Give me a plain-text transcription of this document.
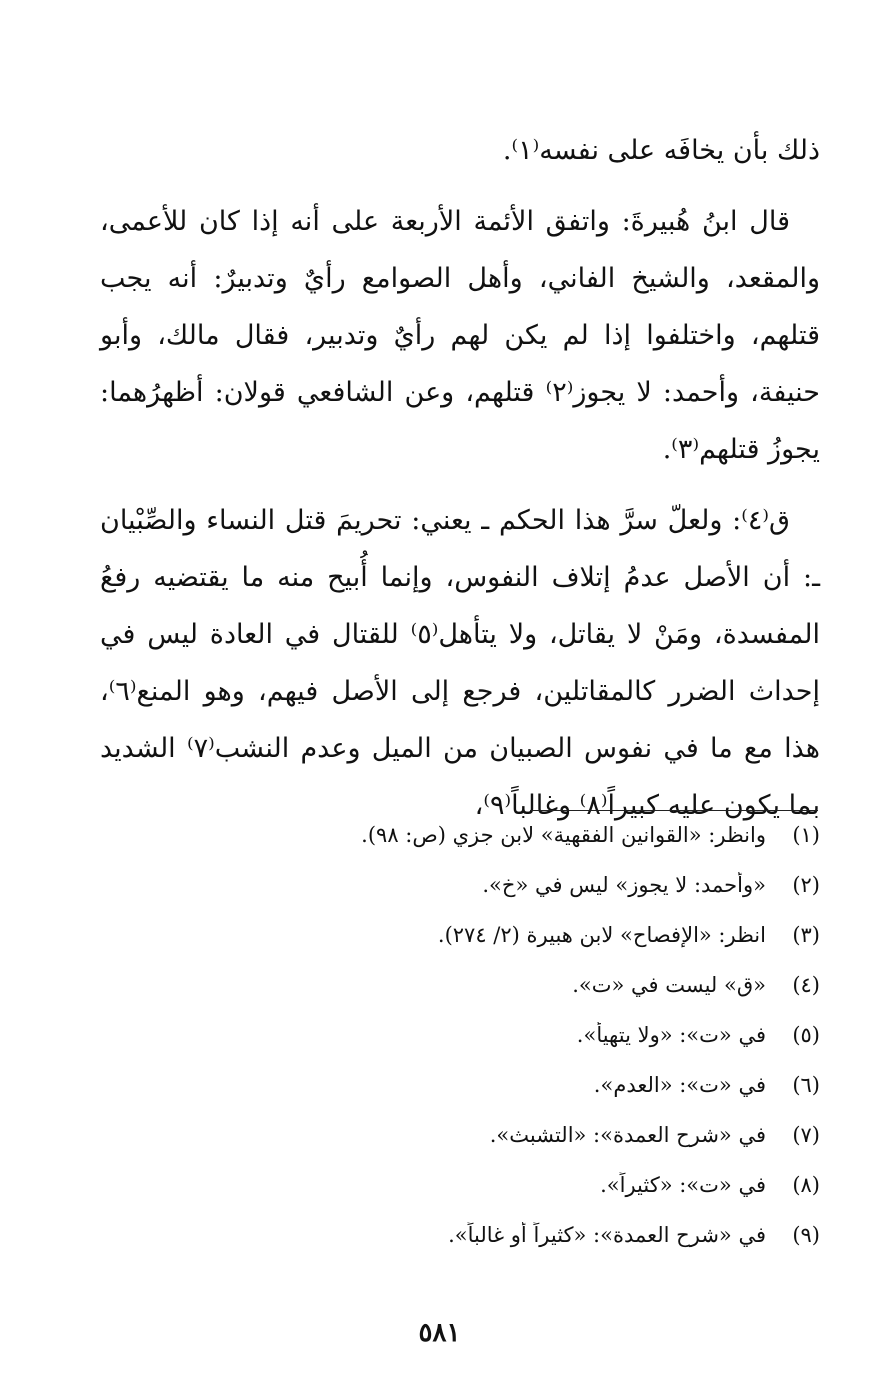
ذلك بأن يخافَه على نفسه⁽١⁾.

قال ابنُ هُبيرةَ: واتفق الأئمة الأربعة على أنه إذا كان للأعمى، والمقعد، والشيخ الفاني، وأهل الصوامع رأيٌ وتدبيرٌ: أنه يجب قتلهم، واختلفوا إذا لم يكن لهم رأيٌ وتدبير، فقال مالك، وأبو حنيفة، وأحمد: لا يجوز⁽٢⁾ قتلهم، وعن الشافعي قولان: أظهرُهما: يجوزُ قتلهم⁽٣⁾.

ق⁽٤⁾: ولعلّ سرَّ هذا الحكم ـ يعني: تحريمَ قتل النساء والصِّبْيان ـ: أن الأصل عدمُ إتلاف النفوس، وإنما أُبيح منه ما يقتضيه رفعُ المفسدة، ومَنْ لا يقاتل، ولا يتأهل⁽٥⁾ للقتال في العادة ليس في إحداث الضرر كالمقاتلين، فرجع إلى الأصل فيهم، وهو المنع⁽٦⁾، هذا مع ما في نفوس الصبيان من الميل وعدم النشب⁽٧⁾ الشديد بما يكون عليه كبيراً⁽٨⁾ وغالباً⁽٩⁾،

(١)وانظر: «القوانين الفقهية» لابن جزي (ص: ٩٨).
(٢)«وأحمد: لا يجوز» ليس في «خ».
(٣)انظر: «الإفصاح» لابن هبيرة (٢/ ٢٧٤).
(٤)«ق» ليست في «ت».
(٥)في «ت»: «ولا يتهيأ».
(٦)في «ت»: «العدم».
(٧)في «شرح العمدة»: «التشبث».
(٨)في «ت»: «كثيراً».
(٩)في «شرح العمدة»: «كثيراً أو غالباً».
٥٨١
